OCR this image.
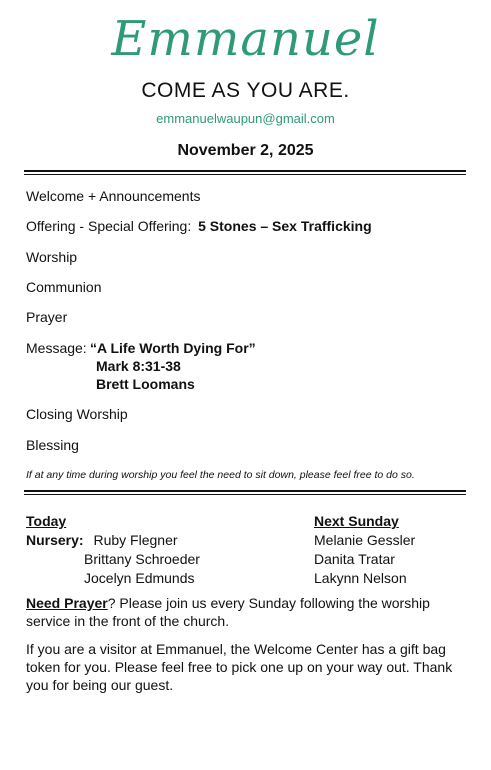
Emmanuel
COME AS YOU ARE.
emmanuelwaupun@gmail.com
November 2, 2025
Welcome + Announcements
Offering - Special Offering: 5 Stones – Sex Trafficking
Worship
Communion
Prayer
Message: “A Life Worth Dying For”
Mark 8:31-38
Brett Loomans
Closing Worship
Blessing
If at any time during worship you feel the need to sit down, please feel free to do so.
Today
Nursery: Ruby Flegner
Brittany Schroeder
Jocelyn Edmunds
Next Sunday
Melanie Gessler
Danita Tratar
Lakynn Nelson
Need Prayer? Please join us every Sunday following the worship service in the front of the church.
If you are a visitor at Emmanuel, the Welcome Center has a gift bag token for you. Please feel free to pick one up on your way out. Thank you for being our guest.
